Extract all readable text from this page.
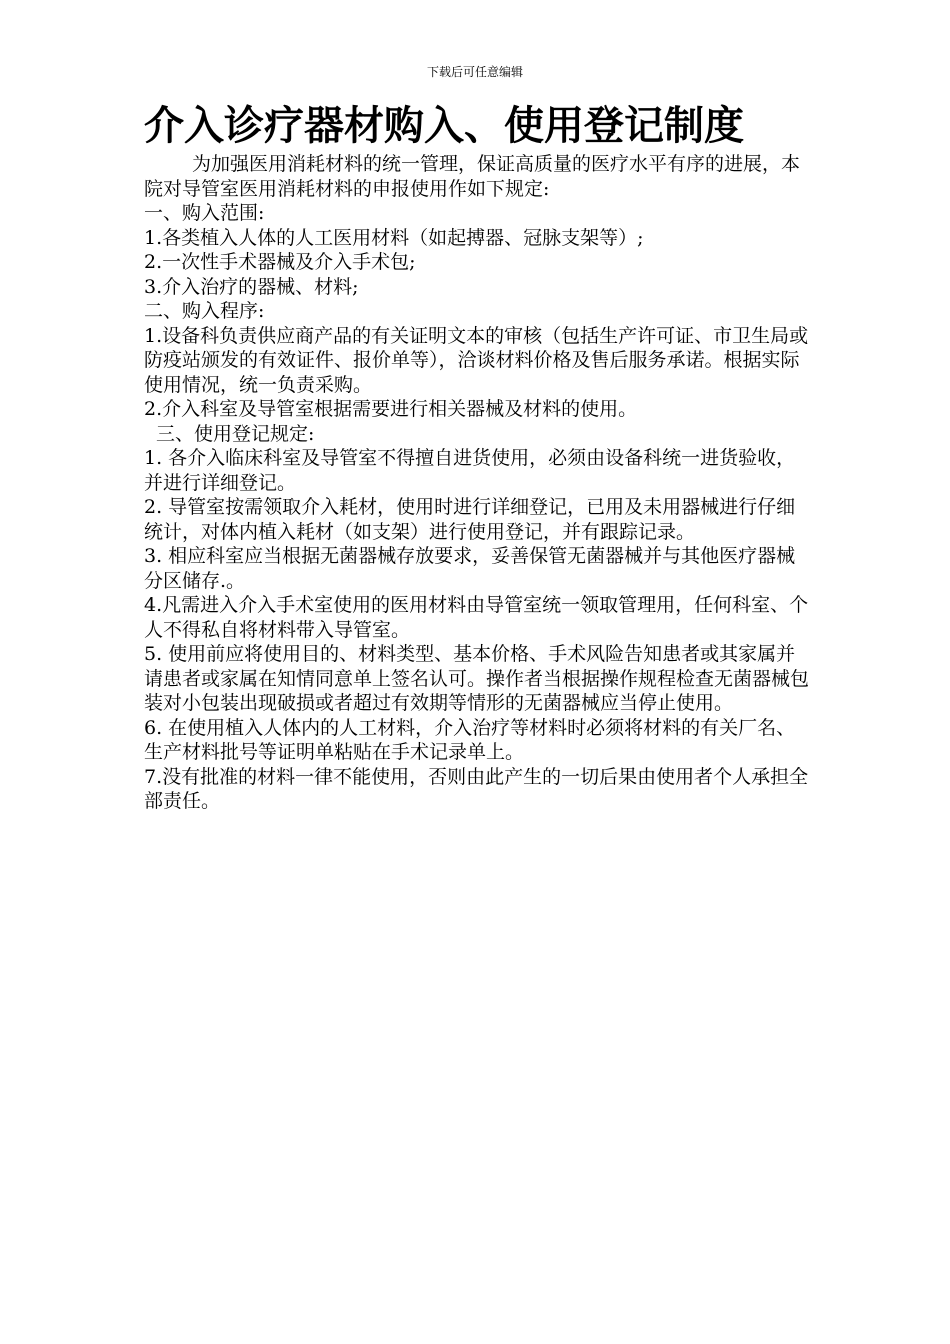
下载后可任意编辑
介入诊疗器材购入、使用登记制度

为加强医用消耗材料的统一管理，保证高质量的医疗水平有序的进展，本院对导管室医用消耗材料的申报使用作如下规定:

一、购入范围:

1.各类植入人体的人工医用材料（如起搏器、冠脉支架等）;

2.一次性手术器械及介入手术包;

3.介入治疗的器械、材料;

二、购入程序:

1.设备科负责供应商产品的有关证明文本的审核（包括生产许可证、市卫生局或防疫站颁发的有效证件、报价单等），洽谈材料价格及售后服务承诺。根据实际使用情况，统一负责采购。

2.介入科室及导管室根据需要进行相关器械及材料的使用。

三、使用登记规定:

1. 各介入临床科室及导管室不得擅自进货使用，必须由设备科统一进货验收，并进行详细登记。

2. 导管室按需领取介入耗材，使用时进行详细登记，已用及未用器械进行仔细统计，对体内植入耗材（如支架）进行使用登记，并有跟踪记录。

3. 相应科室应当根据无菌器械存放要求，妥善保管无菌器械并与其他医疗器械分区储存.。

4.凡需进入介入手术室使用的医用材料由导管室统一领取管理用，任何科室、个人不得私自将材料带入导管室。

5. 使用前应将使用目的、材料类型、基本价格、手术风险告知患者或其家属并请患者或家属在知情同意单上签名认可。操作者当根据操作规程检查无菌器械包装对小包装出现破损或者超过有效期等情形的无菌器械应当停止使用。

6. 在使用植入人体内的人工材料，介入治疗等材料时必须将材料的有关厂名、生产材料批号等证明单粘贴在手术记录单上。

7.没有批准的材料一律不能使用，否则由此产生的一切后果由使用者个人承担全部责任。
